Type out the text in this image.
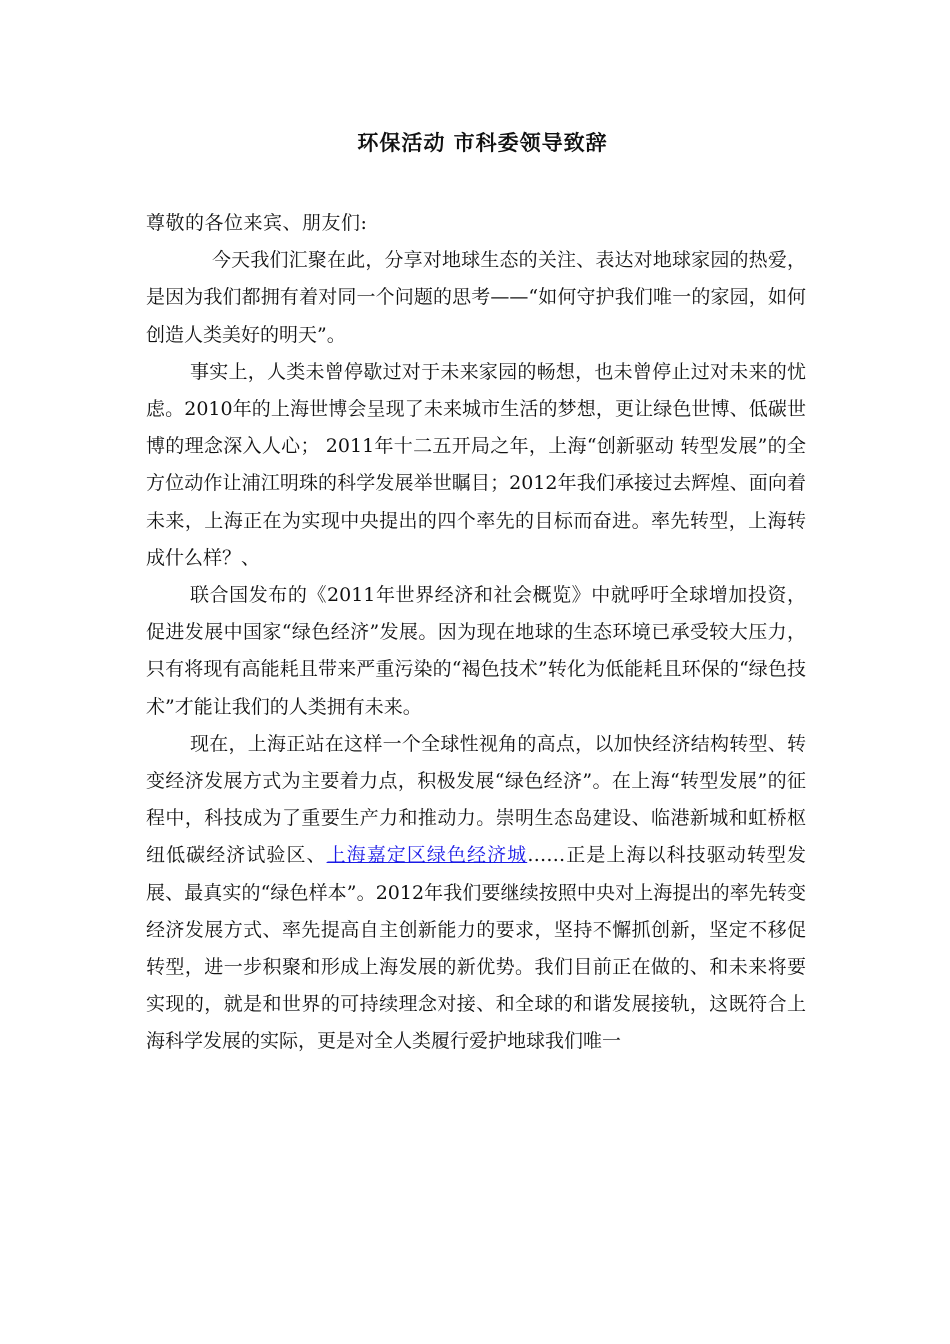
环保活动 市科委领导致辞

尊敬的各位来宾、朋友们:

今天我们汇聚在此，分享对地球生态的关注、表达对地球家园的热爱，是因为我们都拥有着对同一个问题的思考——“如何守护我们唯一的家园，如何创造人类美好的明天”。

事实上，人类未曾停歇过对于未来家园的畅想，也未曾停止过对未来的忧虑。2010年的上海世博会呈现了未来城市生活的梦想，更让绿色世博、低碳世博的理念深入人心； 2011年十二五开局之年，上海“创新驱动 转型发展”的全方位动作让浦江明珠的科学发展举世瞩目；2012年我们承接过去辉煌、面向着未来，上海正在为实现中央提出的四个率先的目标而奋进。率先转型，上海转成什么样？、

联合国发布的《2011年世界经济和社会概览》中就呼吁全球增加投资，促进发展中国家“绿色经济”发展。因为现在地球的生态环境已承受较大压力，只有将现有高能耗且带来严重污染的“褐色技术”转化为低能耗且环保的“绿色技术”才能让我们的人类拥有未来。

现在，上海正站在这样一个全球性视角的高点，以加快经济结构转型、转变经济发展方式为主要着力点，积极发展“绿色经济”。在上海“转型发展”的征程中，科技成为了重要生产力和推动力。崇明生态岛建设、临港新城和虹桥枢纽低碳经济试验区、上海嘉定区绿色经济城……正是上海以科技驱动转型发展、最真实的“绿色样本”。2012年我们要继续按照中央对上海提出的率先转变经济发展方式、率先提高自主创新能力的要求，坚持不懈抓创新，坚定不移促转型，进一步积聚和形成上海发展的新优势。我们目前正在做的、和未来将要实现的，就是和世界的可持续理念对接、和全球的和谐发展接轨，这既符合上海科学发展的实际，更是对全人类履行爱护地球我们唯一
